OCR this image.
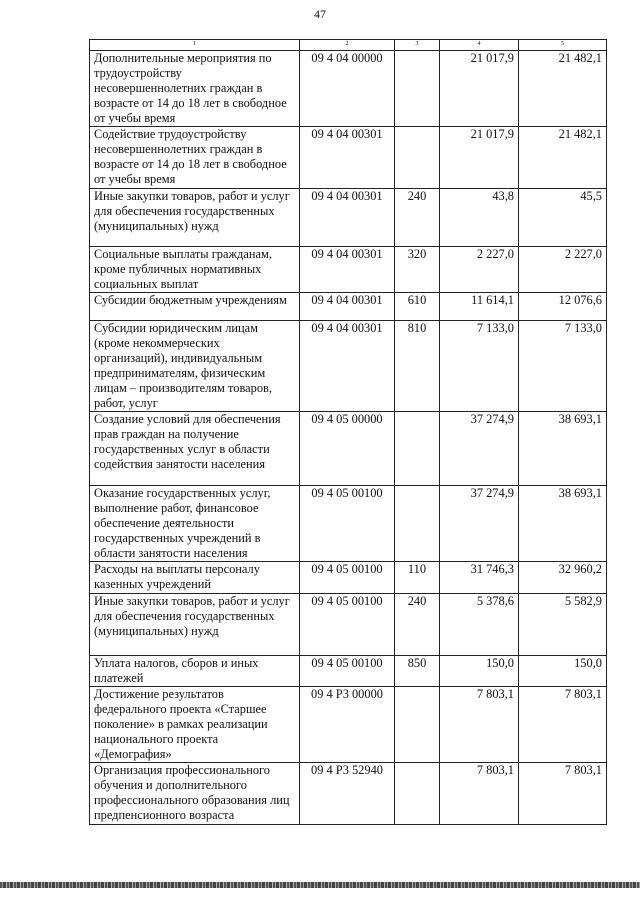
47
1	2	3	4	5
Дополнительные мероприятия по трудоустройству несовершеннолетних граждан в возрасте от 14 до 18 лет в свободное от учебы время	09 4 04 00000		21 017,9	21 482,1
Содействие трудоустройству несовершеннолетних граждан в возрасте от 14 до 18 лет в свободное от учебы время	09 4 04 00301		21 017,9	21 482,1
Иные закупки товаров, работ и услуг для обеспечения государственных (муниципальных) нужд	09 4 04 00301	240	43,8	45,5
Социальные выплаты гражданам, кроме публичных нормативных социальных выплат	09 4 04 00301	320	2 227,0	2 227,0
Субсидии бюджетным учреждениям	09 4 04 00301	610	11 614,1	12 076,6
Субсидии юридическим лицам (кроме некоммерческих организаций), индивидуальным предпринимателям, физическим лицам – производителям товаров, работ, услуг	09 4 04 00301	810	7 133,0	7 133,0
Создание условий для обеспечения прав граждан на получение государственных услуг в области содействия занятости населения	09 4 05 00000		37 274,9	38 693,1
Оказание государственных услуг, выполнение работ, финансовое обеспечение деятельности государственных учреждений в области занятости населения	09 4 05 00100		37 274,9	38 693,1
Расходы на выплаты персоналу казенных учреждений	09 4 05 00100	110	31 746,3	32 960,2
Иные закупки товаров, работ и услуг для обеспечения государственных (муниципальных) нужд	09 4 05 00100	240	5 378,6	5 582,9
Уплата налогов, сборов и иных платежей	09 4 05 00100	850	150,0	150,0
Достижение результатов федерального проекта «Старшее поколение» в рамках реализации национального проекта «Демография»	09 4 P3 00000		7 803,1	7 803,1
Организация профессионального обучения и дополнительного профессионального образования лиц предпенсионного возраста	09 4 P3 52940		7 803,1	7 803,1
